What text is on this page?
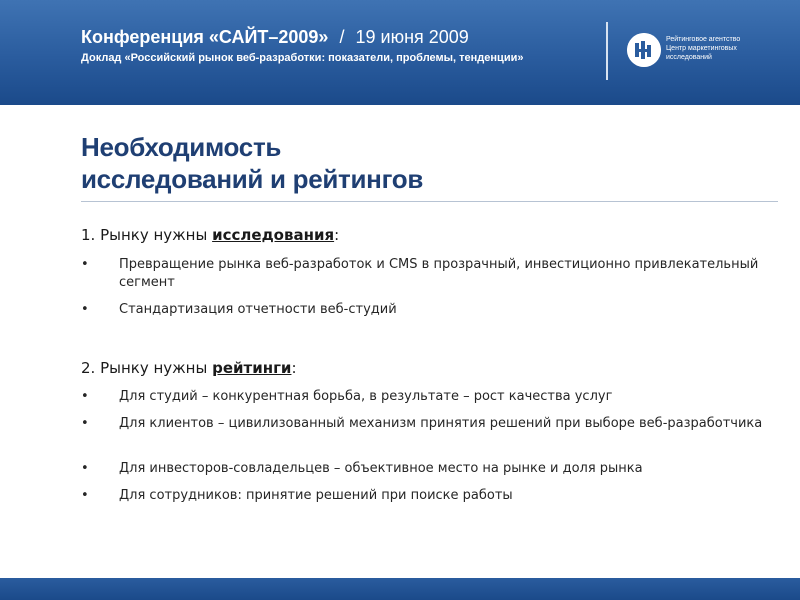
Конференция «САЙТ–2009» / 19 июня 2009
Доклад «Российский рынок веб-разработки: показатели, проблемы, тенденции»
Рейтинговое агентство
Центр маркетинговых
исследований
Необходимость
исследований и рейтингов
1. Рынку нужны исследования:
•	Превращение рынка веб-разработок и CMS в прозрачный, инвестиционно привлекательный сегмент
•	Стандартизация отчетности веб-студий
2. Рынку нужны рейтинги:
•	Для студий – конкурентная борьба, в результате – рост качества услуг
•	Для клиентов – цивилизованный механизм принятия решений при выборе веб-разработчика
•	Для инвесторов-совладельцев – объективное место на рынке и доля рынка
•	Для сотрудников: принятие решений при поиске работы
